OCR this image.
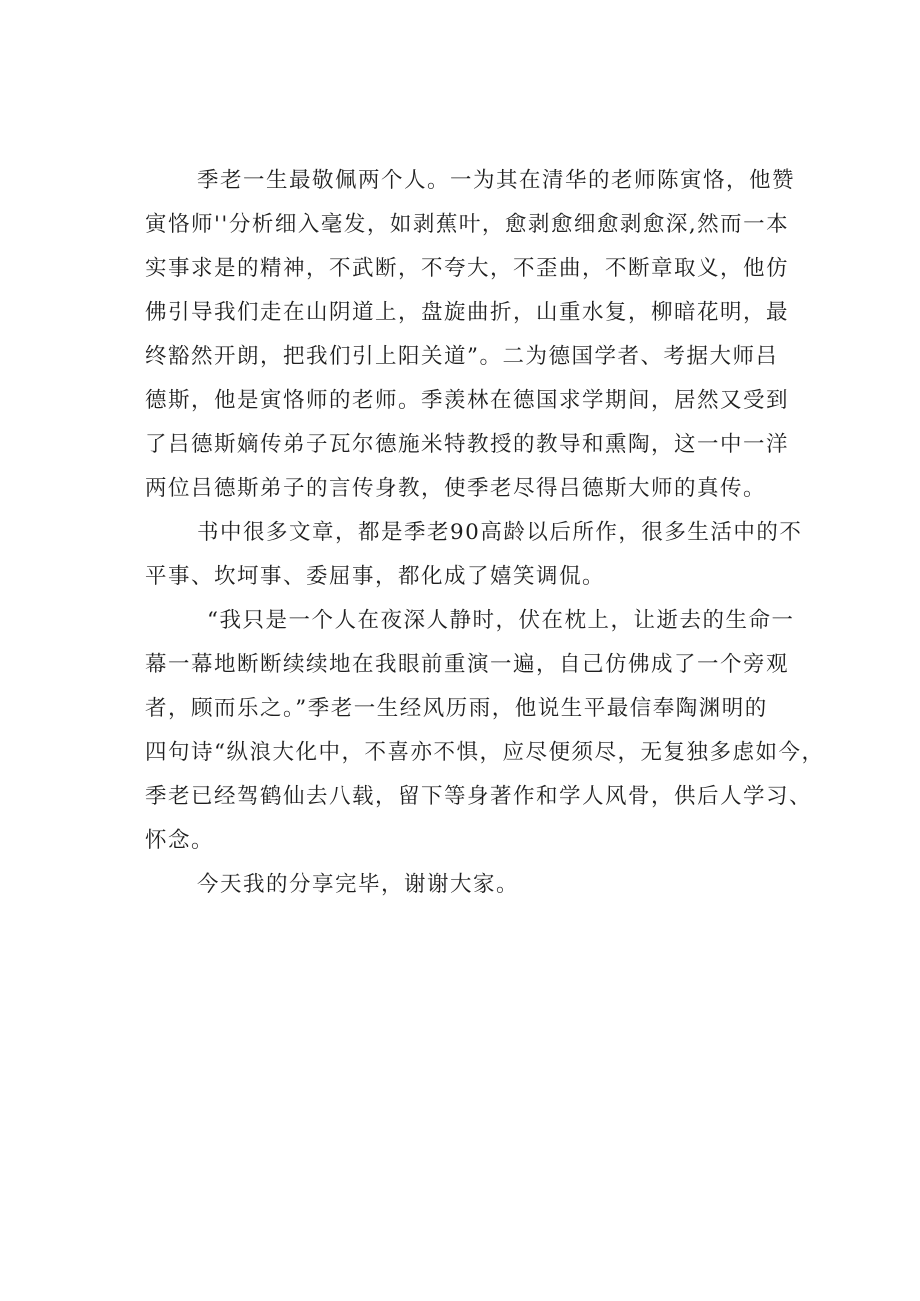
季老一生最敬佩两个人。一为其在清华的老师陈寅恪，他赞
寅恪师''分析细入毫发，如剥蕉叶，愈剥愈细愈剥愈深,然而一本
实事求是的精神，不武断，不夸大，不歪曲，不断章取义，他仿
佛引导我们走在山阴道上，盘旋曲折，山重水复，柳暗花明，最
终豁然开朗，把我们引上阳关道”。二为德国学者、考据大师吕
德斯，他是寅恪师的老师。季羡林在德国求学期间，居然又受到
了吕德斯嫡传弟子瓦尔德施米特教授的教导和熏陶，这一中一洋
两位吕德斯弟子的言传身教，使季老尽得吕德斯大师的真传。
书中很多文章，都是季老90高龄以后所作，很多生活中的不
平事、坎坷事、委屈事，都化成了嬉笑调侃。
“我只是一个人在夜深人静时，伏在枕上，让逝去的生命一
幕一幕地断断续续地在我眼前重演一遍，自己仿佛成了一个旁观
者，顾而乐之。”季老一生经风历雨，他说生平最信奉陶渊明的
四句诗“纵浪大化中，不喜亦不惧，应尽便须尽，无复独多虑如今，
季老已经驾鹤仙去八载，留下等身著作和学人风骨，供后人学习、
怀念。
今天我的分享完毕，谢谢大家。
